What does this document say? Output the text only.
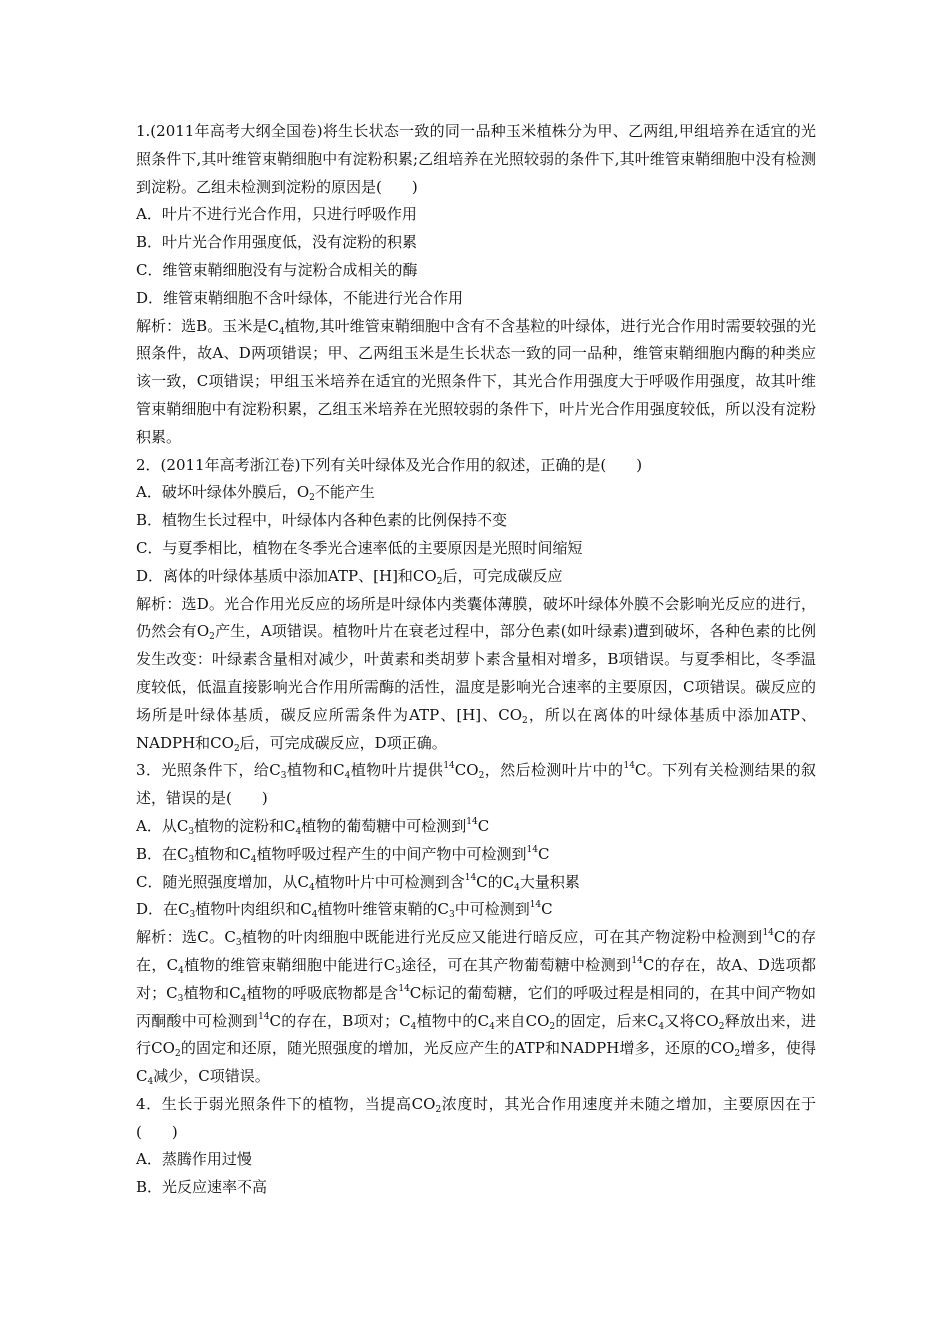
1.(2011年高考大纲全国卷)将生长状态一致的同一品种玉米植株分为甲、乙两组,甲组培养在适宜的光照条件下,其叶维管束鞘细胞中有淀粉积累;乙组培养在光照较弱的条件下,其叶维管束鞘细胞中没有检测到淀粉。乙组未检测到淀粉的原因是(　　)

A．叶片不进行光合作用，只进行呼吸作用

B．叶片光合作用强度低，没有淀粉的积累

C．维管束鞘细胞没有与淀粉合成相关的酶

D．维管束鞘细胞不含叶绿体，不能进行光合作用

解析：选B。玉米是$C_4$植物,其叶维管束鞘细胞中含有不含基粒的叶绿体，进行光合作用时需要较强的光照条件，故A、D两项错误；甲、乙两组玉米是生长状态一致的同一品种，维管束鞘细胞内酶的种类应该一致，C项错误；甲组玉米培养在适宜的光照条件下，其光合作用强度大于呼吸作用强度，故其叶维管束鞘细胞中有淀粉积累，乙组玉米培养在光照较弱的条件下，叶片光合作用强度较低，所以没有淀粉积累。

2．(2011年高考浙江卷)下列有关叶绿体及光合作用的叙述，正确的是(　　)

A．破坏叶绿体外膜后，$O_2$不能产生

B．植物生长过程中，叶绿体内各种色素的比例保持不变

C．与夏季相比，植物在冬季光合速率低的主要原因是光照时间缩短

D．离体的叶绿体基质中添加ATP、[H]和$CO_2$后，可完成碳反应

解析：选D。光合作用光反应的场所是叶绿体内类囊体薄膜，破坏叶绿体外膜不会影响光反应的进行，仍然会有$O_2$产生，A项错误。植物叶片在衰老过程中，部分色素(如叶绿素)遭到破坏，各种色素的比例发生改变：叶绿素含量相对减少，叶黄素和类胡萝卜素含量相对增多，B项错误。与夏季相比，冬季温度较低，低温直接影响光合作用所需酶的活性，温度是影响光合速率的主要原因，C项错误。碳反应的场所是叶绿体基质，碳反应所需条件为ATP、[H]、$CO_2$，所以在离体的叶绿体基质中添加ATP、NADPH和$CO_2$后，可完成碳反应，D项正确。

3．光照条件下，给$C_3$植物和$C_4$植物叶片提供$^{14}CO_2$，然后检测叶片中的$^{14}$C。下列有关检测结果的叙述，错误的是(　　)

A．从$C_3$植物的淀粉和$C_4$植物的葡萄糖中可检测到$^{14}$C

B．在$C_3$植物和$C_4$植物呼吸过程产生的中间产物中可检测到$^{14}$C

C．随光照强度增加，从$C_4$植物叶片中可检测到含$^{14}$C的$C_4$大量积累

D．在$C_3$植物叶肉组织和$C_4$植物叶维管束鞘的$C_3$中可检测到$^{14}$C

解析：选C。$C_3$植物的叶肉细胞中既能进行光反应又能进行暗反应，可在其产物淀粉中检测到$^{14}$C的存在，$C_4$植物的维管束鞘细胞中能进行$C_3$途径，可在其产物葡萄糖中检测到$^{14}$C的存在，故A、D选项都对；$C_3$植物和$C_4$植物的呼吸底物都是含$^{14}$C标记的葡萄糖，它们的呼吸过程是相同的，在其中间产物如丙酮酸中可检测到$^{14}$C的存在，B项对；$C_4$植物中的$C_4$来自$CO_2$的固定，后来$C_4$又将$CO_2$释放出来，进行$CO_2$的固定和还原，随光照强度的增加，光反应产生的ATP和NADPH增多，还原的$CO_2$增多，使得$C_4$减少，C项错误。

4．生长于弱光照条件下的植物，当提高$CO_2$浓度时，其光合作用速度并未随之增加，主要原因在于(　　)

A．蒸腾作用过慢

B．光反应速率不高
